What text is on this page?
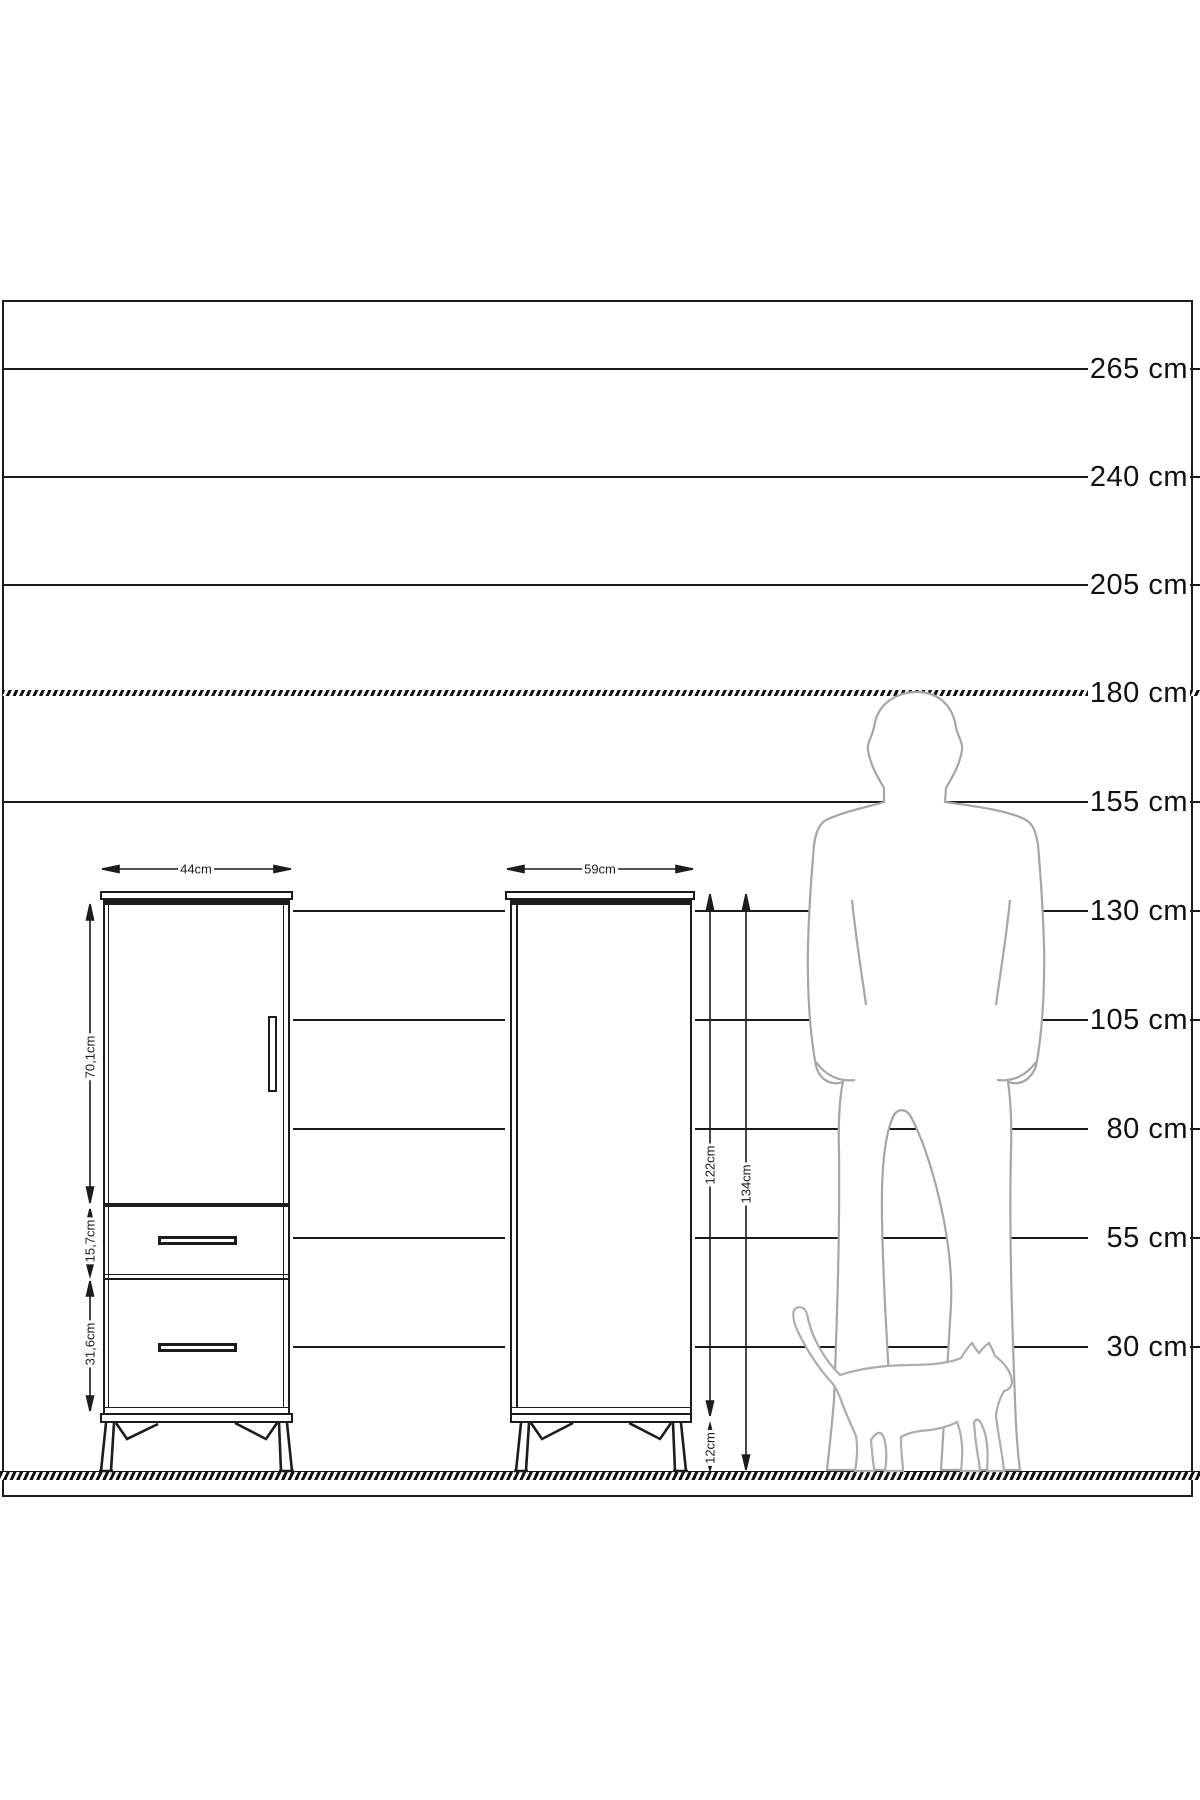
44cm	59cm
70,1cm
15,7cm
31,6cm
122cm 134cm
12cm
265 cm
240 cm
205 cm
180 cm
155 cm
130 cm
105 cm
80 cm
55 cm
30 cm
